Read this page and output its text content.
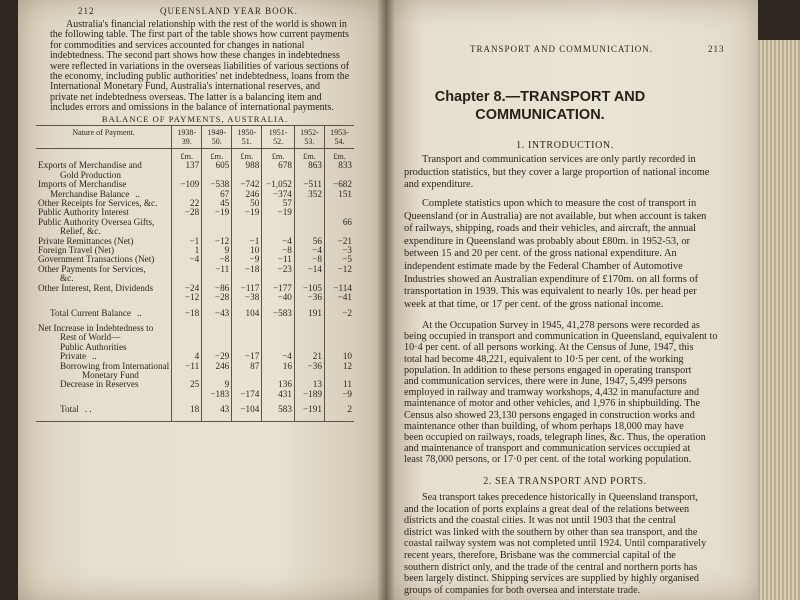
212	QUEENSLAND YEAR BOOK.
Australia's financial relationship with the rest of the world is shown in
the following table. The first part of the table shows how current payments
for commodities and services accounted for changes in national
indebtedness. The second part shows how these changes in indebtedness
were reflected in variations in the overseas liabilities of various sections of
the economy, including public authorities' net indebtedness, loans from the
International Monetary Fund, Australia's international reserves, and
private net indebtedness overseas. The latter is a balancing item and
includes errors and omissions in the balance of international payments.
BALANCE OF PAYMENTS, AUSTRALIA.
Nature of Payment.	1938-39.	1949-50.	1950-51.	1951-52.	1952-53.	1953-54.
	£m.	£m.	£m.	£m.	£m.	£m.
Exports of Merchandise and
Gold Production	137	605	988	678	863	833
Imports of Merchandise	−109	−538	−742	−1,052	−511	−682
Merchandise Balance ..		67	246	−374	352	151
Other Receipts for Services, &c.	22	45	50	57		
Public Authority Interest	−28	−19	−19	−19		
Public Authority Oversea Gifts,
Relief, &c.						66
Private Remittances (Net)	−1	−12	−1	−4	56	−21
Foreign Travel (Net)	1	9	10	−8	−4	−3
Government Transactions (Net)	−4	−8	−9	−11	−8	−5
Other Payments for Services,
&c.		−11	−18	−23	−14	−12
Other Interest, Rent, Dividends	−24	−86	−117	−177	−105	−114
	−12	−28	−38	−40	−36	−41
Total Current Balance ..	−18	−43	104	−583	191	−2
Net Increase in Indebtedness to
Rest of World—						
Public Authorities						
Private ..	4	−29	−17	−4	21	10
Borrowing from International
Monetary Fund	−11	246	87	16	−36	12
Decrease in Reserves	25	9		136	13	11
		−183	−174	431	−189	−9
Total . .	18	43	−104	583	−191	2
TRANSPORT AND COMMUNICATION.	213
Chapter 8.—TRANSPORT AND
COMMUNICATION.
1. INTRODUCTION.
Transport and communication services are only partly recorded in
production statistics, but they cover a large proportion of national income
and expenditure.
Complete statistics upon which to measure the cost of transport in
Queensland (or in Australia) are not available, but when account is taken
of railways, shipping, roads and their vehicles, and aircraft, the annual
expenditure in Queensland was probably about £80m. in 1952-53, or
between 15 and 20 per cent. of the gross national expenditure. An
independent estimate made by the Federal Chamber of Automotive
Industries showed an Australian expenditure of £170m. on all forms of
transportation in 1939. This was equivalent to nearly 10s. per head per
week at that time, or 17 per cent. of the gross national income.
At the Occupation Survey in 1945, 41,278 persons were recorded as
being occupied in transport and communication in Queensland, equivalent to
10·4 per cent. of all persons working. At the Census of June, 1947, this
total had become 48,221, equivalent to 10·5 per cent. of the working
population. In addition to these persons engaged in operating transport
and communication services, there were in June, 1947, 5,499 persons
employed in railway and tramway workshops, 4,432 in manufacture and
maintenance of motor and other vehicles, and 1,976 in shipbuilding. The
Census also showed 23,130 persons engaged in construction works and
maintenance other than building, of whom perhaps 18,000 may have
been occupied on railways, roads, telegraph lines, &c. Thus, the operation
and maintenance of transport and communication services occupied at
least 78,000 persons, or 17·0 per cent. of the total working population.
2. SEA TRANSPORT AND PORTS.
Sea transport takes precedence historically in Queensland transport,
and the location of ports explains a great deal of the relations between
districts and the coastal cities. It was not until 1903 that the central
district was linked with the southern by other than sea transport, and the
coastal railway system was not completed until 1924. Until comparatively
recent years, therefore, Brisbane was the commercial capital of the
southern district only, and the trade of the central and northern ports has
been largely distinct. Shipping services are supplied by highly organised
groups of companies for both oversea and interstate trade.
